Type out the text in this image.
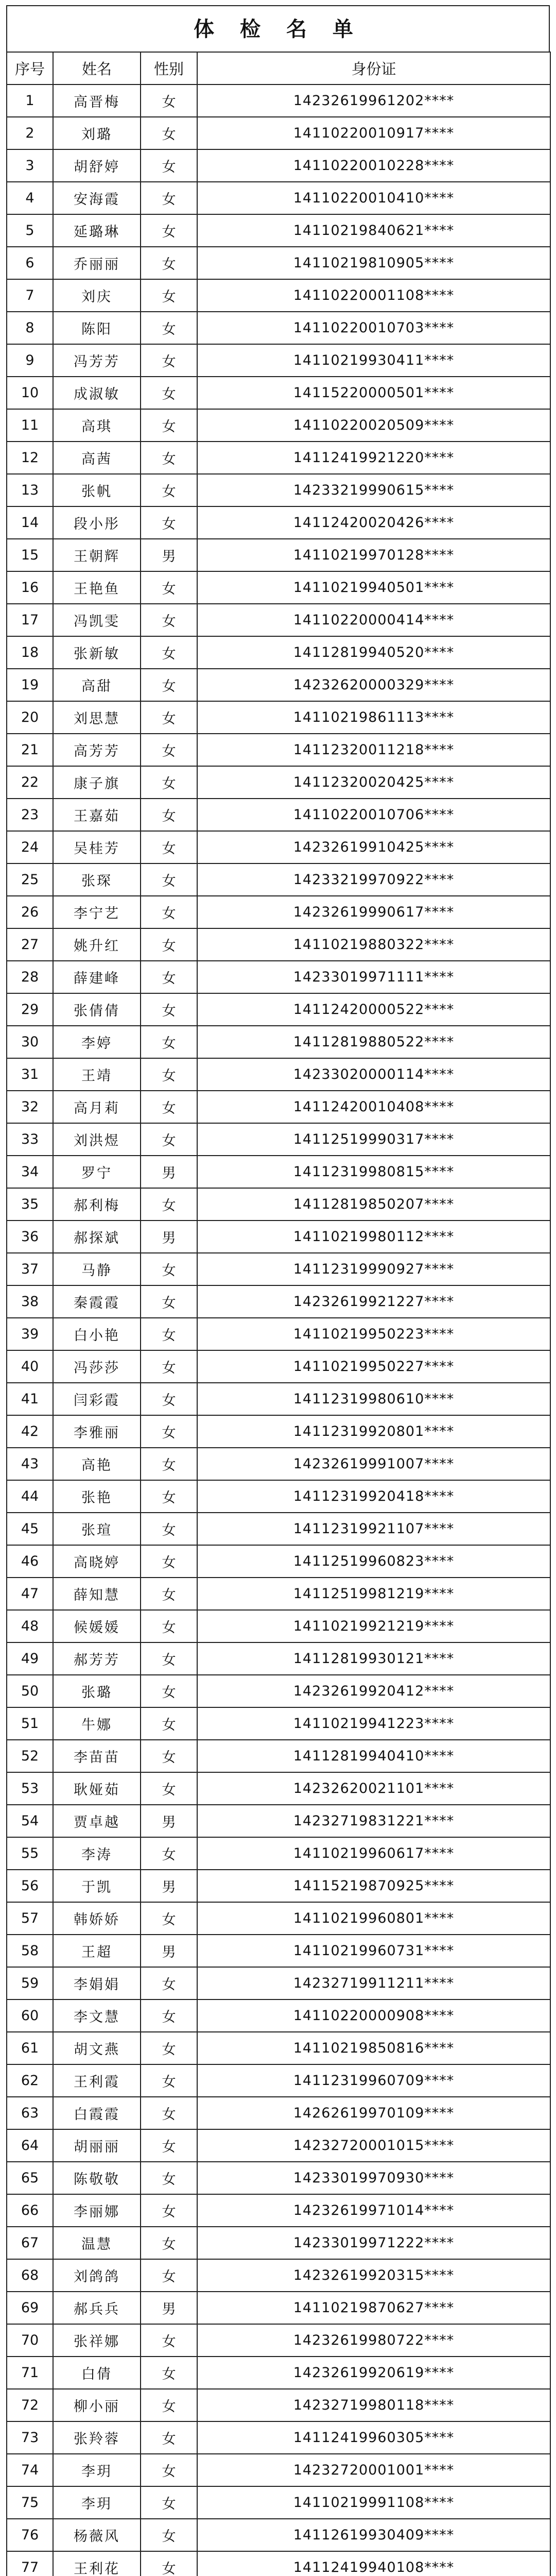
体 检 名 单
序号	姓名	性别	身份证
1	高晋梅	女	14232619961202****
2	刘璐	女	14110220010917****
3	胡舒婷	女	14110220010228****
4	安海霞	女	14110220010410****
5	延璐琳	女	14110219840621****
6	乔丽丽	女	14110219810905****
7	刘庆	女	14110220001108****
8	陈阳	女	14110220010703****
9	冯芳芳	女	14110219930411****
10	成淑敏	女	14115220000501****
11	高琪	女	14110220020509****
12	高茜	女	14112419921220****
13	张帆	女	14233219990615****
14	段小彤	女	14112420020426****
15	王朝辉	男	14110219970128****
16	王艳鱼	女	14110219940501****
17	冯凯雯	女	14110220000414****
18	张新敏	女	14112819940520****
19	高甜	女	14232620000329****
20	刘思慧	女	14110219861113****
21	高芳芳	女	14112320011218****
22	康子旗	女	14112320020425****
23	王嘉茹	女	14110220010706****
24	吴桂芳	女	14232619910425****
25	张琛	女	14233219970922****
26	李宁艺	女	14232619990617****
27	姚升红	女	14110219880322****
28	薛建峰	女	14233019971111****
29	张倩倩	女	14112420000522****
30	李婷	女	14112819880522****
31	王靖	女	14233020000114****
32	高月莉	女	14112420010408****
33	刘洪煜	女	14112519990317****
34	罗宁	男	14112319980815****
35	郝利梅	女	14112819850207****
36	郝探斌	男	14110219980112****
37	马静	女	14112319990927****
38	秦霞霞	女	14232619921227****
39	白小艳	女	14110219950223****
40	冯莎莎	女	14110219950227****
41	闫彩霞	女	14112319980610****
42	李雅丽	女	14112319920801****
43	高艳	女	14232619991007****
44	张艳	女	14112319920418****
45	张瑄	女	14112319921107****
46	高晓婷	女	14112519960823****
47	薛知慧	女	14112519981219****
48	候媛媛	女	14110219921219****
49	郝芳芳	女	14112819930121****
50	张璐	女	14232619920412****
51	牛娜	女	14110219941223****
52	李苗苗	女	14112819940410****
53	耿娅茹	女	14232620021101****
54	贾卓越	男	14232719831221****
55	李涛	女	14110219960617****
56	于凯	男	14115219870925****
57	韩娇娇	女	14110219960801****
58	王超	男	14110219960731****
59	李娟娟	女	14232719911211****
60	李文慧	女	14110220000908****
61	胡文燕	女	14110219850816****
62	王利霞	女	14112319960709****
63	白霞霞	女	14262619970109****
64	胡丽丽	女	14232720001015****
65	陈敬敬	女	14233019970930****
66	李丽娜	女	14232619971014****
67	温慧	女	14233019971222****
68	刘鸽鸽	女	14232619920315****
69	郝兵兵	男	14110219870627****
70	张祥娜	女	14232619980722****
71	白倩	女	14232619920619****
72	柳小丽	女	14232719980118****
73	张羚蓉	女	14112419960305****
74	李玥	女	14232720001001****
75	李玥	女	14110219991108****
76	杨薇风	女	14112619930409****
77	王利花	女	14112419940108****
